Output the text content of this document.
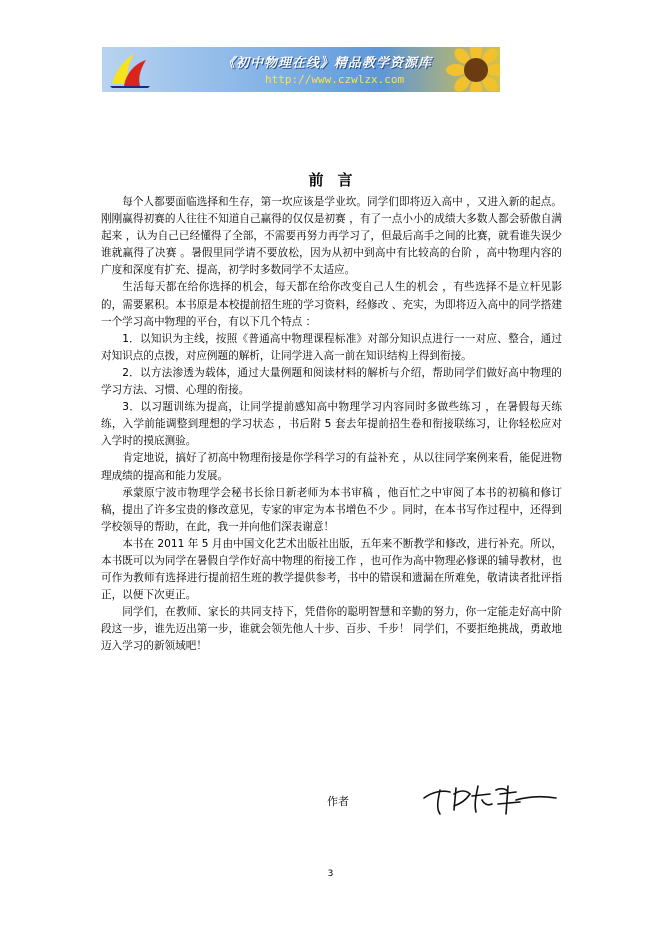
《初中物理在线》精品教学资源库
http://www.czwlzx.com
前言

每个人都要面临选择和生存，第一坎应该是学业坎。同学们即将迈入高中 ，又进入新的起点。刚刚赢得初赛的人往往不知道自己赢得的仅仅是初赛 ，有了一点小小的成绩大多数人都会骄傲自满起来 ，认为自己已经懂得了全部，不需要再努力再学习了，但最后高手之间的比赛，就看谁失误少谁就赢得了决赛 。暑假里同学请不要放松，因为从初中到高中有比较高的台阶 ，高中物理内容的广度和深度有扩充、提高，初学时多数同学不太适应。

生活每天都在给你选择的机会，每天都在给你改变自己人生的机会 ，有些选择不是立杆见影的，需要累积。本书原是本校提前招生班的学习资料，经修改 、充实，为即将迈入高中的同学搭建一个学习高中物理的平台，有以下几个特点 ：

1．以知识为主线，按照《普通高中物理课程标准》对部分知识点进行一一对应、整合，通过对知识点的点拨，对应例题的解析，让同学进入高一前在知识结构上得到衔接。

2．以方法渗透为载体，通过大量例题和阅读材料的解析与介绍，帮助同学们做好高中物理的学习方法、习惯、心理的衔接。

3．以习题训练为提高，让同学提前感知高中物理学习内容同时多做些练习 ，在暑假每天练练，入学前能调整到理想的学习状态 ，书后附 5 套去年提前招生卷和衔接联练习，让你轻松应对入学时的摸底测验。

肯定地说，搞好了初高中物理衔接是你学科学习的有益补充 ，从以往同学案例来看，能促进物理成绩的提高和能力发展。

承蒙原宁波市物理学会秘书长徐日新老师为本书审稿 ，他百忙之中审阅了本书的初稿和修订稿，提出了许多宝贵的修改意见，专家的审定为本书增色不少 。同时，在本书写作过程中，还得到学校领导的帮助，在此，我一并向他们深表谢意！

本书在 2011 年 5 月由中国文化艺术出版社出版，五年来不断教学和修改，进行补充。所以，本书既可以为同学在暑假自学作好高中物理的衔接工作 ，也可作为高中物理必修课的辅导教材，也可作为教师有选择进行提前招生班的教学提供参考，书中的错误和遗漏在所难免，敬请读者批评指正，以便下次更正。

同学们，在教师、家长的共同支持下，凭借你的聪明智慧和辛勤的努力，你一定能走好高中阶段这一步，谁先迈出第一步，谁就会领先他人十步、百步、千步！ 同学们，不要拒绝挑战，勇敢地迈入学习的新领域吧！

作者
3
